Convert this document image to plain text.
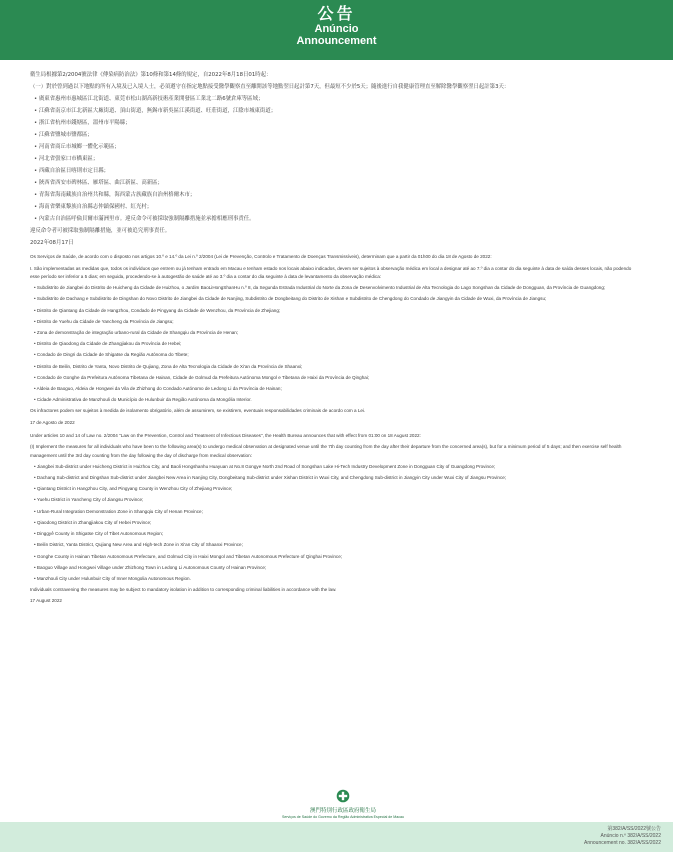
公告
Anúncio
Announcement

衛生局根據第2/2004號法律《傳染病防治法》第10條和第14條的規定，自2022年8月18日01時起：

（一）對於曾到過以下地點的所有入境及已入境人士，必須遵守在指定地點接受醫學觀察直至離開該等地點翌日起計第7天，但最短不少於5天；隨後進行自我健康管理直至解除醫學觀察翌日起計第3天：

• 廣東省惠州市惠城區江北街道、東莞市松山湖高新技術產業開發區工業北二路6號倉庫等區域；

• 江蘇省南京市江北新區大廠街道、頂山街道，無錫市新吳區江溪街道、旺莊街道，江陰市城東街道；

• 浙江省杭州市錢塘區，溫州市平陽縣；

• 江蘇省鹽城市鹽都區；

• 河南省商丘市城鄉一體化示範區；

• 河北省張家口市橋東區；

• 西藏自治區日喀則市定日縣；

• 陝西省西安市碑林區、雁塔區、曲江新區、高新區；

• 青海省海南藏族自治州共和縣，海西蒙古族藏族自治州格爾木市；

• 海南省樂東黎族自治縣志仲鎮保國村、紅光村；

• 內蒙古自治區呼倫貝爾市滿洲里市。違反命令可被採取強制隔離措施並承擔相應刑事責任。

違反命令者可被採取強制隔離措施，並可被追究刑事責任。

2022年08月17日

Os Serviços de Saúde, de acordo com o disposto nos artigos 10.º e 14.º da Lei n.º 2/2004 (Lei de Prevenção, Controlo e Tratamento de Doenças Transmissíveis), determinam que a partir da 01h00 do dia 18 de Agosto de 2022:

I. São implementadas as medidas que, todos os indivíduos que entrem ou já tenham entrado em Macau e tenham estado nos locais abaixo indicados, devem ser sujeitos à observação médica em local a designar até ao 7.º dia a contar do dia seguinte à data de saída desses locais, não podendo esse período ser inferior a 5 dias; em seguida, procedendo-se à autogestão de saúde até ao 3.º dia a contar do dia seguinte à data de levantamento da observação médica:

• Subdistrito de Jiangbei do Distrito de Huicheng da Cidade de Huizhou, o Jardim BaoLiHongShanHu n.º 8, da Segunda Estrada Industrial do Norte da Zona de Desenvolvimento Industrial de Alta Tecnologia do Lago Songshan da Cidade de Dongguan, da Província de Guangdong;

• Subdistrito de Dachang e Subdistrito de Dingshan do Novo Distrito de Jiangbei da Cidade de Nanjing, Subdistrito de Dongbeitang do Distrito de Xishan e Subdistrito de Chengdong do Condado de Jiangyin da Cidade de Wuxi, da Província de Jiangsu;

• Distrito de Qiantang da Cidade de Hangzhou, Condado de Pingyang da Cidade de Wenzhou, da Província de Zhejiang;

• Distrito de Yuehu da Cidade de Yancheng da Província de Jiangsu;

• Zona de demonstração de integração urbano-rural da Cidade de Shangqiu da Província de Henan;

• Distrito de Qiaodong da Cidade de Zhangjiakou da Província de Hebei;

• Condado de Dingri da Cidade de Shigatse da Região Autónoma do Tibete;

• Distrito de Beilin, Distrito de Yanta, Novo Distrito de Qujiang, Zona de Alta Tecnologia da Cidade de Xi'an da Província de Shaanxi;

• Condado de Gonghe da Prefeitura Autónoma Tibetana de Hainan, Cidade de Golmud da Prefeitura Autónoma Mongol e Tibetana de Haixi da Província de Qinghai;

• Aldeia de Baoguo, Aldeia de Hongwei da Vila de Zhizhong do Condado Autónomo de Ledong Li da Província de Hainan;

• Cidade Administrativa de Manzhouli do Município de Hulunbuir da Região Autónoma da Mongólia Interior.

Os infractores podem ser sujeitos à medida de isolamento obrigatório, além de assumirem, se existirem, eventuais responsabilidades criminais de acordo com a Lei.

17 de Agosto de 2022

Under articles 10 and 14 of Law no. 2/2004 "Law on the Prevention, Control and Treatment of Infectious Diseases", the Health Bureau announces that with effect from 01:00 on 18 August 2022:

(I) Implement the measures for all individuals who have been to the following area(s) to undergo medical observation at designated venue until the 7th day counting from the day after their departure from the concerned area(s), but for a minimum period of 5 days; and then exercise self health management until the 3rd day counting from the day following the day of discharge from medical observation:

• Jiangbei Sub-district under Huicheng District in Huizhou City, and Baoli Hongshanhu Huayuan at No.8 Gongye North 2nd Road of Songshan Lake Hi-Tech Industry Development Zone in Dongguan City of Guangdong Province;

• Dachang Sub-district and Dingshan Sub-district under Jiangbei New Area in Nanjing City, Dongbeitang Sub-district under Xishan District in Wuxi City, and Chengdong Sub-district in Jiangyin City under Wuxi City of Jiangsu Province;

• Qiantang District in Hangzhou City, and Pingyang County in Wenzhou City of Zhejiang Province;

• Yuehu District in Yancheng City of Jiangsu Province;

• Urban-Rural Integration Demonstration Zone in Shangqiu City of Henan Province;

• Qiaodong District in Zhangjiakou City of Hebei Province;

• Dinggyê County in Shigatse City of Tibet Autonomous Region;

• Beilin District, Yanta District, Qujiang New Area and High-tech Zone in Xi'an City of Shaanxi Province;

• Gonghe County in Hainan Tibetan Autonomous Prefecture, and Golmud City in Haixi Mongol and Tibetan Autonomous Prefecture of Qinghai Province;

• Baoguo Village and Hongwei Village under Zhizhong Town in Ledong Li Autonomous County of Hainan Province;

• Manzhouli City under Hulunbuir City of Inner Mongolia Autonomous Region.

Individuals contravening the measures may be subject to mandatory isolation in addition to corresponding criminal liabilities in accordance with the law.

17 August 2022

澳門特別行政區政府衛生局
Serviços de Saúde do Governo da Região Administrativa Especial de Macau
第382/A/SS/2022號公告
Anúncio n.º 382/A/SS/2022
Announcement no. 382/A/SS/2022
